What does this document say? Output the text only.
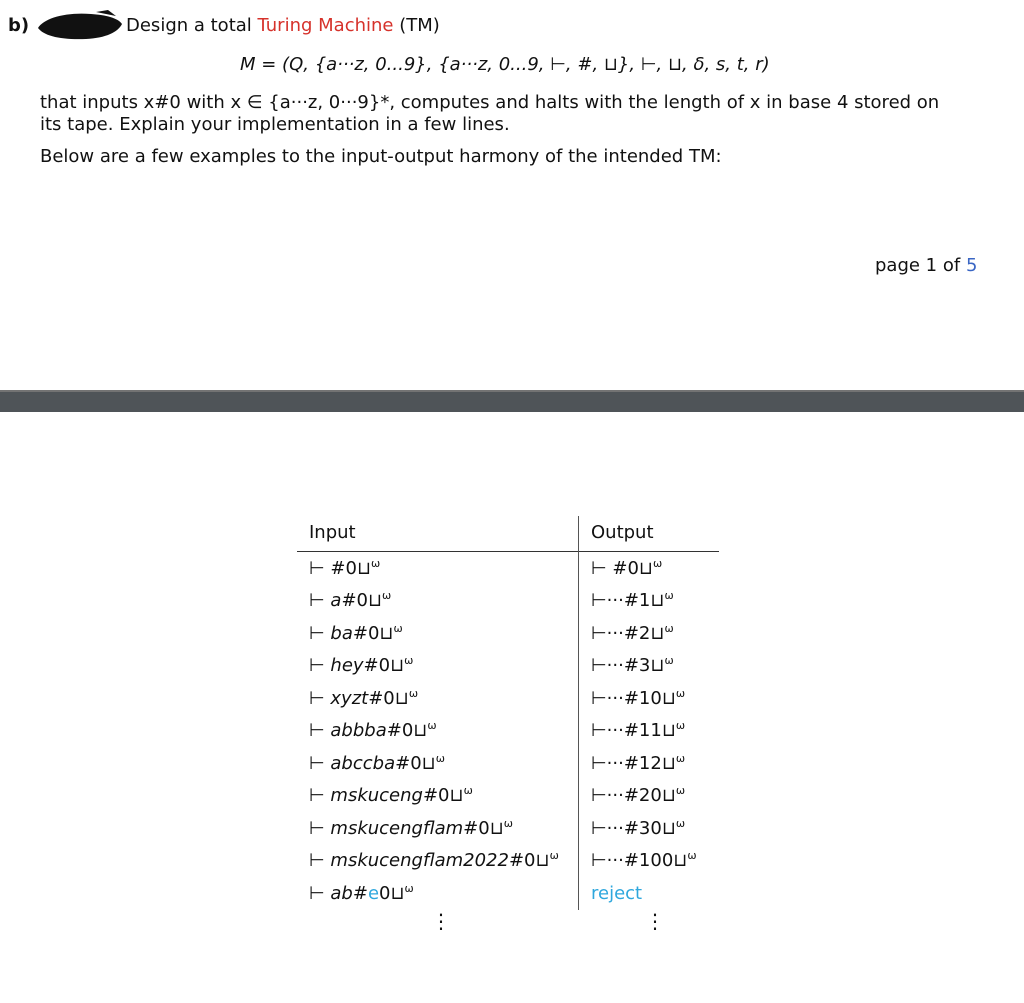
b)	Design a total Turing Machine (TM)
M = (Q, {a···z, 0...9}, {a···z, 0...9, ⊢, #, ⊔}, ⊢, ⊔, δ, s, t, r)
that inputs x#0 with x ∈ {a···z, 0···9}*, computes and halts with the length of x in base 4 stored on
its tape. Explain your implementation in a few lines.
Below are a few examples to the input-output harmony of the intended TM:
page 1 of 5
Input	Output
⊢ #0⊔$^\omega$	⊢ #0⊔$^\omega$
⊢ a#0⊔$^\omega$	⊢···#1⊔$^\omega$
⊢ ba#0⊔$^\omega$	⊢···#2⊔$^\omega$
⊢ hey#0⊔$^\omega$	⊢···#3⊔$^\omega$
⊢ xyzt#0⊔$^\omega$	⊢···#10⊔$^\omega$
⊢ abbba#0⊔$^\omega$	⊢···#11⊔$^\omega$
⊢ abccba#0⊔$^\omega$	⊢···#12⊔$^\omega$
⊢ mskuceng#0⊔$^\omega$	⊢···#20⊔$^\omega$
⊢ mskucengflam#0⊔$^\omega$	⊢···#30⊔$^\omega$
⊢ mskucengflam2022#0⊔$^\omega$	⊢···#100⊔$^\omega$
⊢ ab#e0⊔$^\omega$	reject
⋮	⋮
